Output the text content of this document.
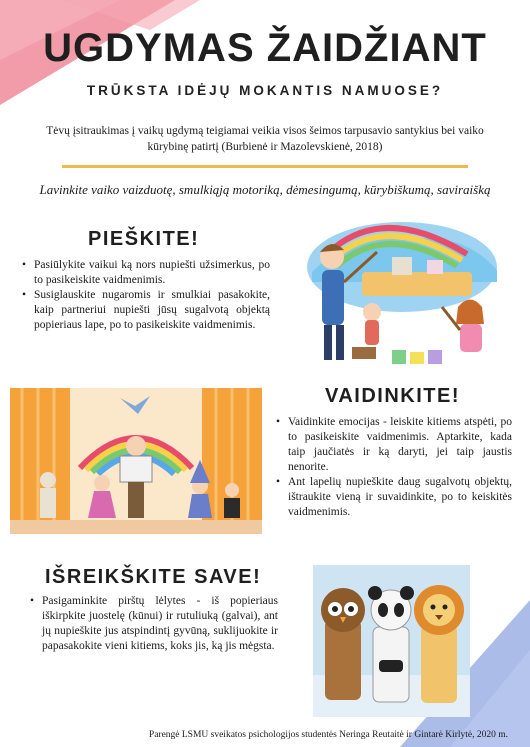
UGDYMAS ŽAIDŽIANT
TRŪKSTA IDĖJŲ MOKANTIS NAMUOSE?
Tėvų įsitraukimas į vaikų ugdymą teigiamai veikia visos šeimos tarpusavio santykius bei vaiko kūrybinę patirtį (Burbienė ir Mazolevskienė, 2018)
Lavinkite vaiko vaizduotę, smulkiąją motoriką, dėmesingumą, kūrybiškumą, saviraišką
PIEŠKITE!
• Pasiūlykite vaikui ką nors nupiešti užsimerkus, po to pasikeiskite vaidmenimis.
• Susiglauskite nugaromis ir smulkiai pasakokite, kaip partneriui nupiešti jūsų sugalvotą objektą popieriaus lape, po to pasikeiskite vaidmenimis.
VAIDINKITE!
• Vaidinkite emocijas - leiskite kitiems atspėti, po to pasikeiskite vaidmenimis. Aptarkite, kada taip jaučiatės ir ką daryti, jei taip jaustis nenorite.
• Ant lapelių nupieškite daug sugalvotų objektų, ištraukite vieną ir suvaidinkite, po to keiskitės vaidmenimis.
IŠREIKŠKITE SAVE!
• Pasigaminkite pirštų lėlytes - iš popieriaus iškirpkite juostelę (kūnui) ir rutuliuką (galvai), ant jų nupieškite jus atspindintį gyvūną, suklijuokite ir papasakokite vieni kitiems, koks jis, ką jis mėgsta.
Parengė LSMU sveikatos psichologijos studentės Neringa Reutaitė ir Gintarė Kirlytė, 2020 m.
